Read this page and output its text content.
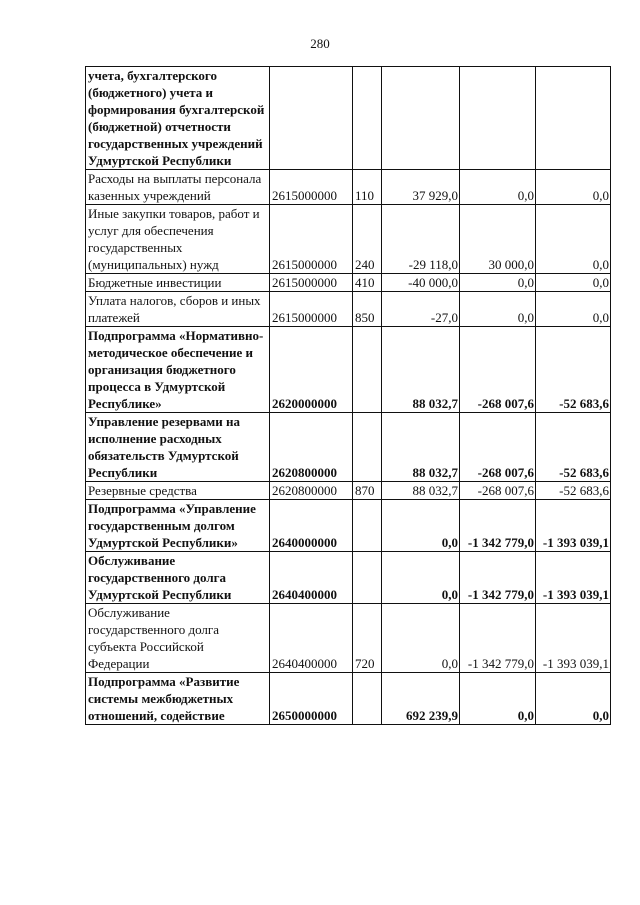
280
учета, бухгалтерского (бюджетного) учета и формирования бухгалтерской (бюджетной) отчетности государственных учреждений Удмуртской Республики					
Расходы на выплаты персонала казенных учреждений	2615000000	110	37 929,0	0,0	0,0
Иные закупки товаров, работ и услуг для обеспечения государственных (муниципальных) нужд	2615000000	240	-29 118,0	30 000,0	0,0
Бюджетные инвестиции	2615000000	410	-40 000,0	0,0	0,0
Уплата налогов, сборов и иных платежей	2615000000	850	-27,0	0,0	0,0
Подпрограмма «Нормативно-методическое обеспечение и организация бюджетного процесса в Удмуртской Республике»	2620000000		88 032,7	-268 007,6	-52 683,6
Управление резервами на исполнение расходных обязательств Удмуртской Республики	2620800000		88 032,7	-268 007,6	-52 683,6
Резервные средства	2620800000	870	88 032,7	-268 007,6	-52 683,6
Подпрограмма «Управление государственным долгом Удмуртской Республики»	2640000000		0,0	-1 342 779,0	-1 393 039,1
Обслуживание государственного долга Удмуртской Республики	2640400000		0,0	-1 342 779,0	-1 393 039,1
Обслуживание государственного долга субъекта Российской Федерации	2640400000	720	0,0	-1 342 779,0	-1 393 039,1
Подпрограмма «Развитие системы межбюджетных отношений, содействие	2650000000		692 239,9	0,0	0,0
